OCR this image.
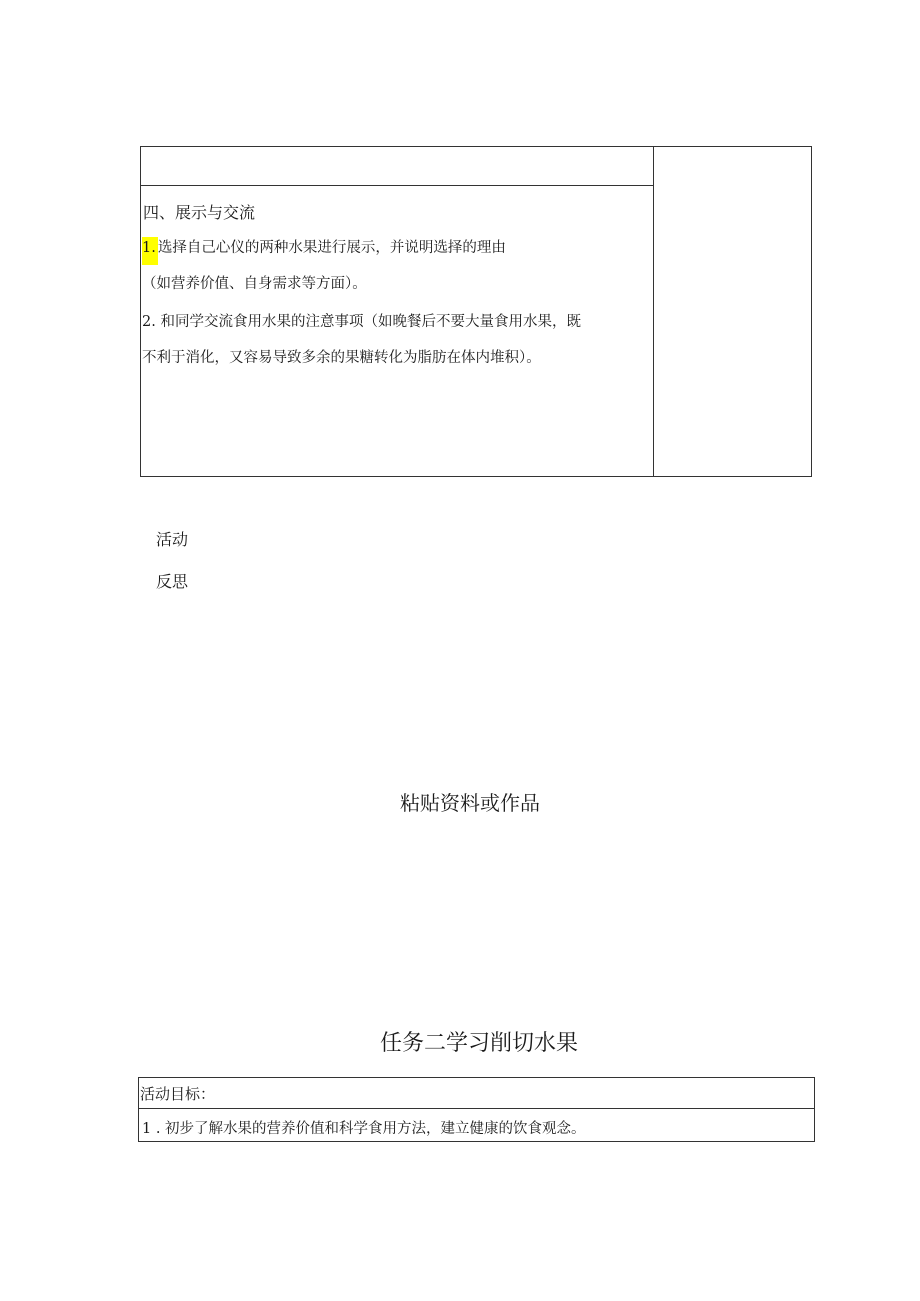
四、展示与交流
1. 选择自己心仪的两种水果进行展示，并说明选择的理由
（如营养价值、自身需求等方面）。
2. 和同学交流食用水果的注意事项（如晚餐后不要大量食用水果，既
不利于消化，又容易导致多余的果糖转化为脂肪在体内堆积）。
活动
反思
粘贴资料或作品
任务二学习削切水果
活动目标：
1 . 初步了解水果的营养价值和科学食用方法，建立健康的饮食观念。
